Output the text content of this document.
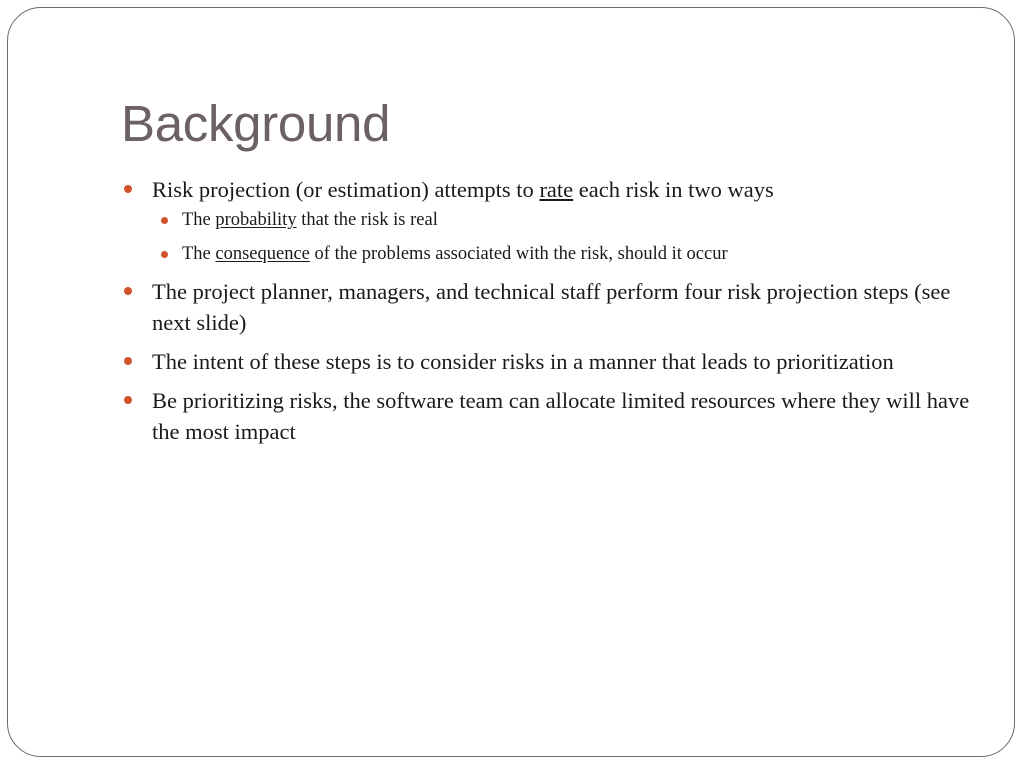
Background
Risk projection (or estimation) attempts to rate each risk in two ways
The probability that the risk is real
The consequence of the problems associated with the risk, should it occur
The project planner, managers, and technical staff perform four risk projection steps (see next slide)
The intent of these steps is to consider risks in a manner that leads to prioritization
Be prioritizing risks, the software team can allocate limited resources where they will have the most impact
